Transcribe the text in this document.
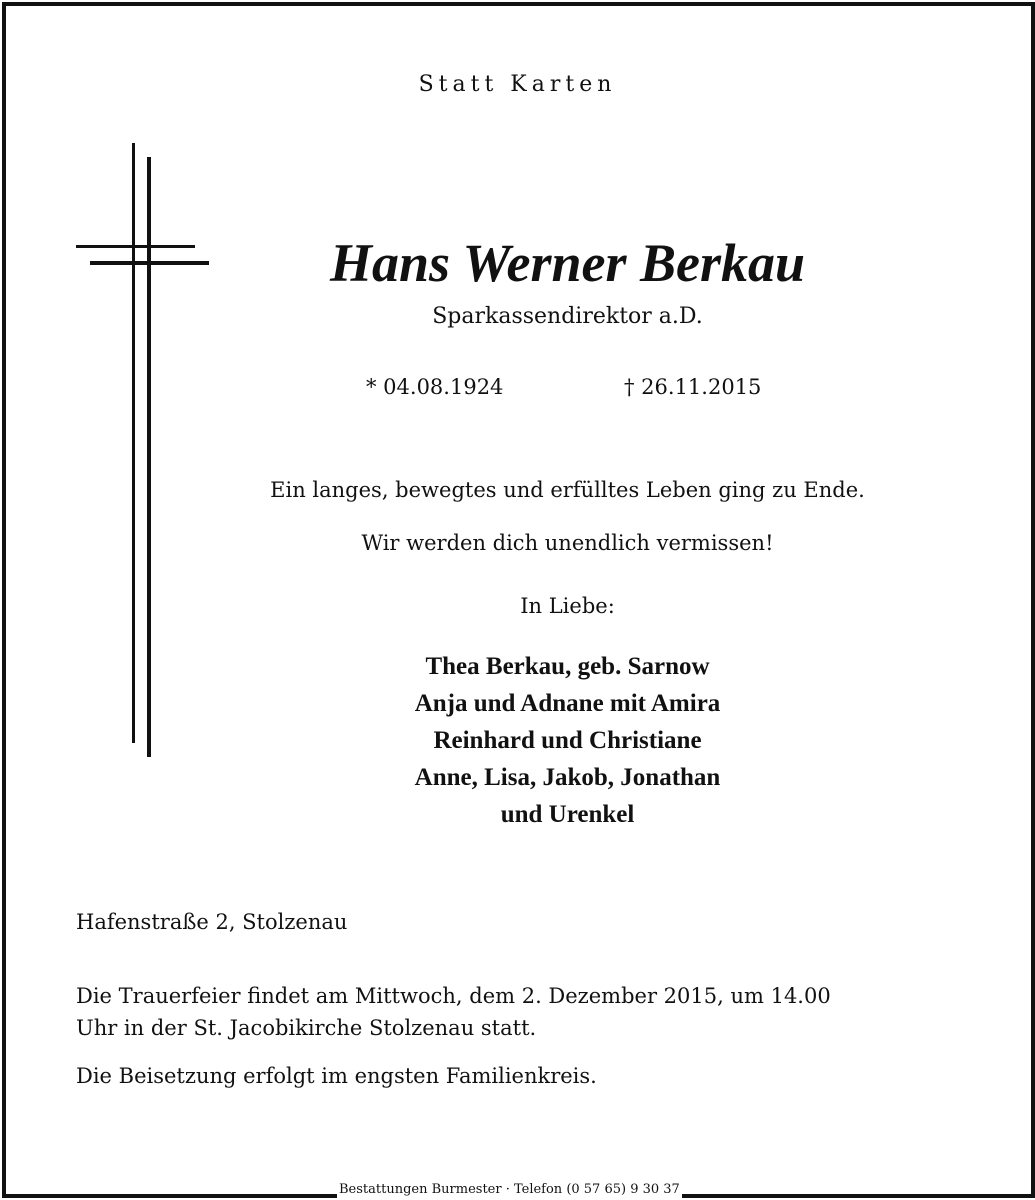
Statt Karten
Hans Werner Berkau
Sparkassendirektor a.D.
* 04.08.1924	† 26.11.2015
Ein langes, bewegtes und erfülltes Leben ging zu Ende.
Wir werden dich unendlich vermissen!
In Liebe:
Thea Berkau, geb. Sarnow
Anja und Adnane mit Amira
Reinhard und Christiane
Anne, Lisa, Jakob, Jonathan
und Urenkel
Hafenstraße 2, Stolzenau
Die Trauerfeier findet am Mittwoch, dem 2. Dezember 2015, um 14.00
Uhr in der St. Jacobikirche Stolzenau statt.
Die Beisetzung erfolgt im engsten Familienkreis.
Bestattungen Burmester · Telefon (0 57 65) 9 30 37
